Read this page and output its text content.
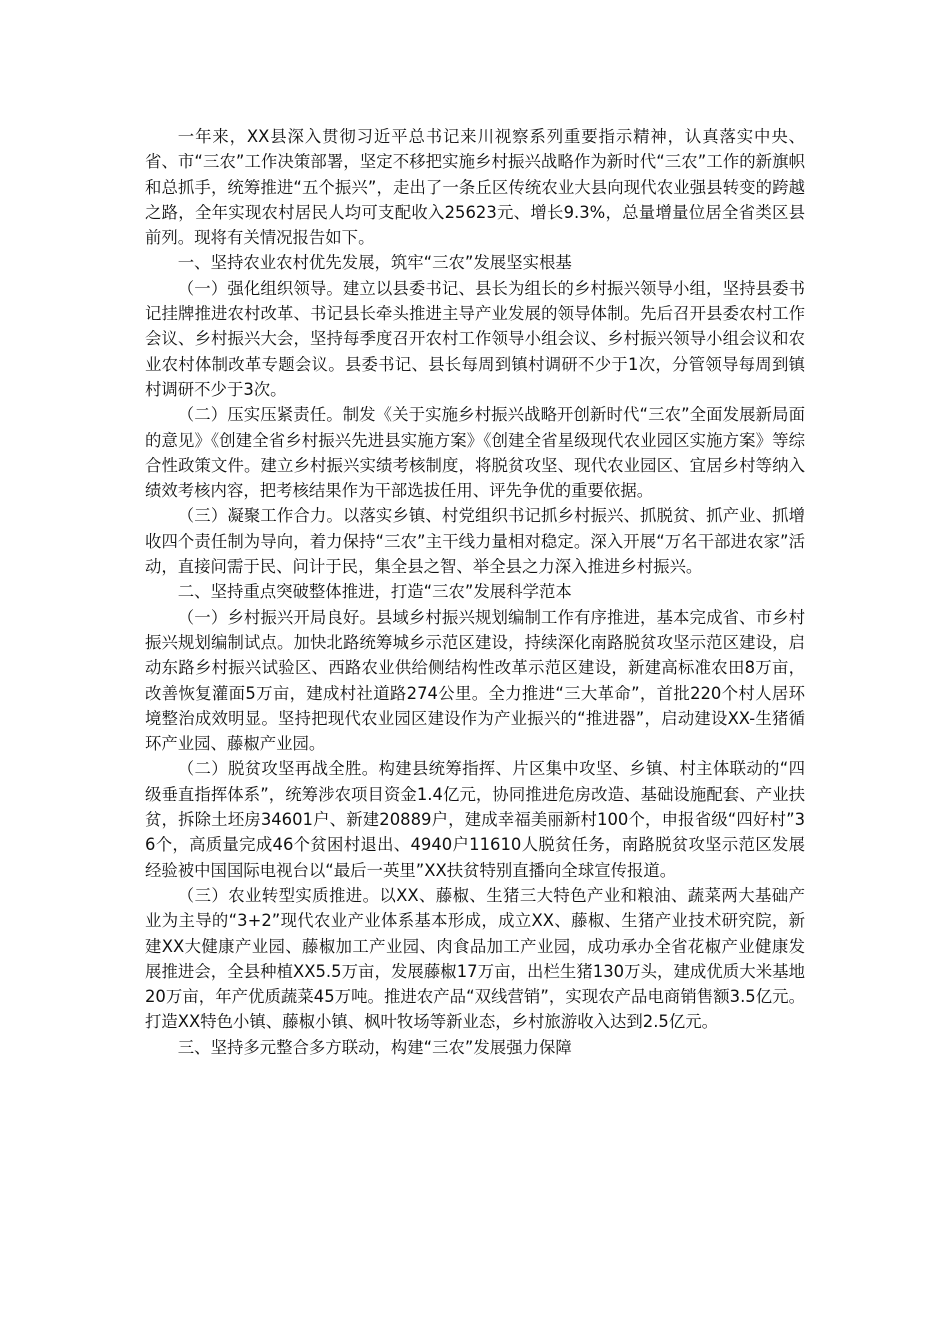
一年来，XX县深入贯彻习近平总书记来川视察系列重要指示精神，认真落实中央、省、市“三农”工作决策部署，坚定不移把实施乡村振兴战略作为新时代“三农”工作的新旗帜和总抓手，统筹推进“五个振兴”，走出了一条丘区传统农业大县向现代农业强县转变的跨越之路，全年实现农村居民人均可支配收入25623元、增长9.3%，总量增量位居全省类区县前列。现将有关情况报告如下。

一、坚持农业农村优先发展，筑牢“三农”发展坚实根基

（一）强化组织领导。建立以县委书记、县长为组长的乡村振兴领导小组，坚持县委书记挂牌推进农村改革、书记县长牵头推进主导产业发展的领导体制。先后召开县委农村工作会议、乡村振兴大会，坚持每季度召开农村工作领导小组会议、乡村振兴领导小组会议和农业农村体制改革专题会议。县委书记、县长每周到镇村调研不少于1次，分管领导每周到镇村调研不少于3次。

（二）压实压紧责任。制发《关于实施乡村振兴战略开创新时代“三农”全面发展新局面的意见》《创建全省乡村振兴先进县实施方案》《创建全省星级现代农业园区实施方案》等综合性政策文件。建立乡村振兴实绩考核制度，将脱贫攻坚、现代农业园区、宜居乡村等纳入绩效考核内容，把考核结果作为干部选拔任用、评先争优的重要依据。

（三）凝聚工作合力。以落实乡镇、村党组织书记抓乡村振兴、抓脱贫、抓产业、抓增收四个责任制为导向，着力保持“三农”主干线力量相对稳定。深入开展“万名干部进农家”活动，直接问需于民、问计于民，集全县之智、举全县之力深入推进乡村振兴。

二、坚持重点突破整体推进，打造“三农”发展科学范本

（一）乡村振兴开局良好。县域乡村振兴规划编制工作有序推进，基本完成省、市乡村振兴规划编制试点。加快北路统筹城乡示范区建设，持续深化南路脱贫攻坚示范区建设，启动东路乡村振兴试验区、西路农业供给侧结构性改革示范区建设，新建高标准农田8万亩，改善恢复灌面5万亩，建成村社道路274公里。全力推进“三大革命”，首批220个村人居环境整治成效明显。坚持把现代农业园区建设作为产业振兴的“推进器”，启动建设XX-生猪循环产业园、藤椒产业园。

（二）脱贫攻坚再战全胜。构建县统筹指挥、片区集中攻坚、乡镇、村主体联动的“四级垂直指挥体系”，统筹涉农项目资金1.4亿元，协同推进危房改造、基础设施配套、产业扶贫，拆除土坯房34601户、新建20889户，建成幸福美丽新村100个，申报省级“四好村”36个，高质量完成46个贫困村退出、4940户11610人脱贫任务，南路脱贫攻坚示范区发展经验被中国国际电视台以“最后一英里”XX扶贫特别直播向全球宣传报道。

（三）农业转型实质推进。以XX、藤椒、生猪三大特色产业和粮油、蔬菜两大基础产业为主导的“3+2”现代农业产业体系基本形成，成立XX、藤椒、生猪产业技术研究院，新建XX大健康产业园、藤椒加工产业园、肉食品加工产业园，成功承办全省花椒产业健康发展推进会，全县种植XX5.5万亩，发展藤椒17万亩，出栏生猪130万头，建成优质大米基地20万亩，年产优质蔬菜45万吨。推进农产品“双线营销”，实现农产品电商销售额3.5亿元。打造XX特色小镇、藤椒小镇、枫叶牧场等新业态，乡村旅游收入达到2.5亿元。

三、坚持多元整合多方联动，构建“三农”发展强力保障
